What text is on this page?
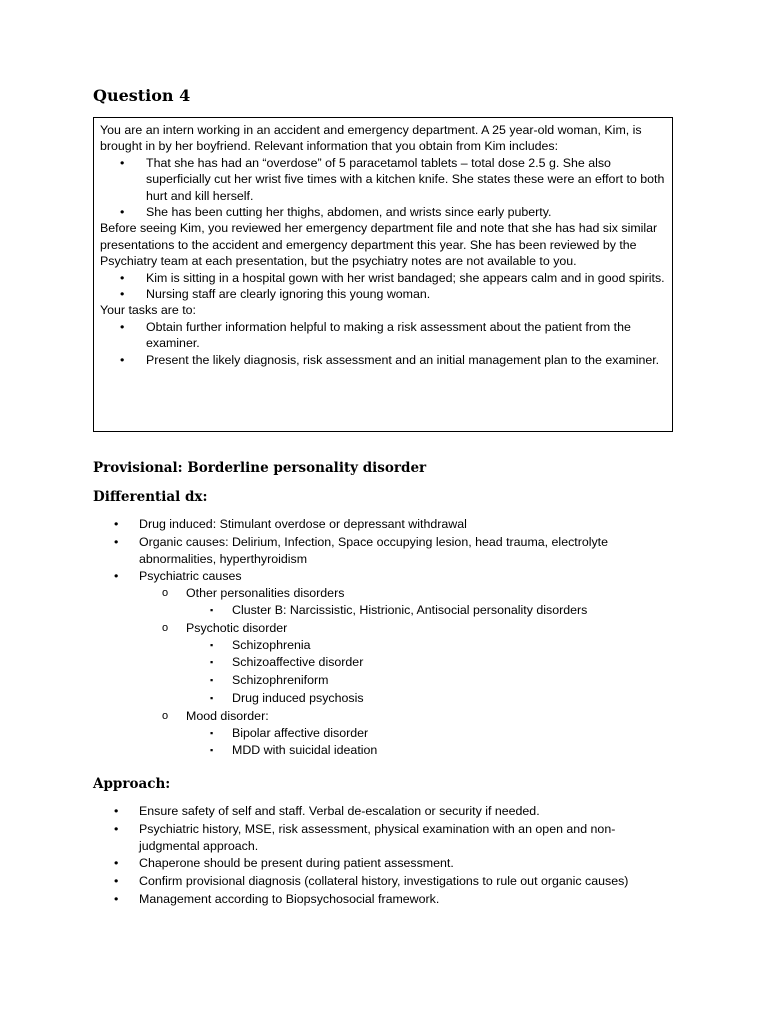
Question 4

You are an intern working in an accident and emergency department. A 25 year-old woman, Kim, is brought in by her boyfriend. Relevant information that you obtain from Kim includes:

• That she has had an “overdose” of 5 paracetamol tablets – total dose 2.5 g. She also superficially cut her wrist five times with a kitchen knife. She states these were an effort to both hurt and kill herself.
• She has been cutting her thighs, abdomen, and wrists since early puberty.

Before seeing Kim, you reviewed her emergency department file and note that she has had six similar presentations to the accident and emergency department this year. She has been reviewed by the Psychiatry team at each presentation, but the psychiatry notes are not available to you.

• Kim is sitting in a hospital gown with her wrist bandaged; she appears calm and in good spirits.
• Nursing staff are clearly ignoring this young woman.

Your tasks are to:

• Obtain further information helpful to making a risk assessment about the patient from the examiner.
• Present the likely diagnosis, risk assessment and an initial management plan to the examiner.
Provisional: Borderline personality disorder
Differential dx:
• Drug induced: Stimulant overdose or depressant withdrawal
• Organic causes: Delirium, Infection, Space occupying lesion, head trauma, electrolyte abnormalities, hyperthyroidism
• Psychiatric causes
o Other personalities disorders
▪ Cluster B: Narcissistic, Histrionic, Antisocial personality disorders
o Psychotic disorder
▪ Schizophrenia
▪ Schizoaffective disorder
▪ Schizophreniform
▪ Drug induced psychosis
o Mood disorder:
▪ Bipolar affective disorder
▪ MDD with suicidal ideation
Approach:
• Ensure safety of self and staff. Verbal de-escalation or security if needed.
• Psychiatric history, MSE, risk assessment, physical examination with an open and non-judgmental approach.
• Chaperone should be present during patient assessment.
• Confirm provisional diagnosis (collateral history, investigations to rule out organic causes)
• Management according to Biopsychosocial framework.
